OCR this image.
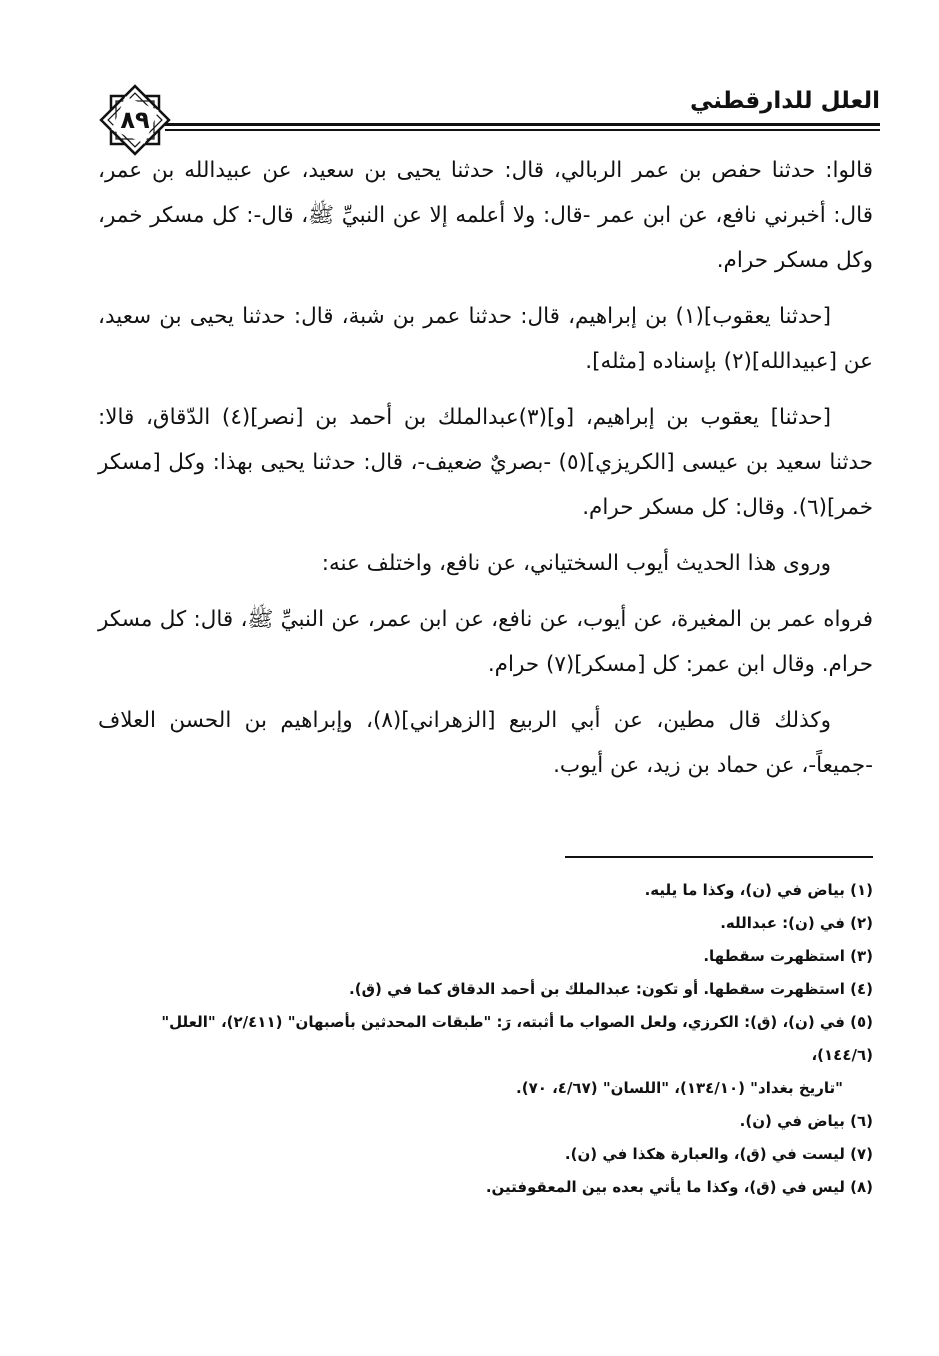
العلل للدارقطني
٨٩

قالوا: حدثنا حفص بن عمر الربالي، قال: حدثنا يحيى بن سعيد، عن عبيدالله بن عمر، قال: أخبرني نافع، عن ابن عمر -قال: ولا أعلمه إلا عن النبيِّ ﷺ، قال-: كل مسكر خمر، وكل مسكر حرام.

[حدثنا يعقوب](١) بن إبراهيم، قال: حدثنا عمر بن شبة، قال: حدثنا يحيى بن سعيد، عن [عبيدالله](٢) بإسناده [مثله].

[حدثنا] يعقوب بن إبراهيم، [و](٣)عبدالملك بن أحمد بن [نصر](٤) الدّقاق، قالا: حدثنا سعيد بن عيسى [الكريزي](٥) -بصريٌ ضعيف-، قال: حدثنا يحيى بهذا: وكل [مسكر خمر](٦). وقال: كل مسكر حرام.

وروى هذا الحديث أيوب السختياني، عن نافع، واختلف عنه:

فرواه عمر بن المغيرة، عن أيوب، عن نافع، عن ابن عمر، عن النبيِّ ﷺ، قال: كل مسكر حرام. وقال ابن عمر: كل [مسكر](٧) حرام.

وكذلك قال مطين، عن أبي الربيع [الزهراني](٨)، وإبراهيم بن الحسن العلاف -جميعاً-، عن حماد بن زيد، عن أيوب.

(١) بياض في (ن)، وكذا ما يليه.

(٢) في (ن): عبدالله.

(٣) استظهرت سقطها.

(٤) استظهرت سقطها. أو تكون: عبدالملك بن أحمد الدقاق كما في (ق).

(٥) في (ن)، (ق): الكرزي، ولعل الصواب ما أثبته، رَ: "طبقات المحدثين بأصبهان" (٢/٤١١)، "العلل" (١٤٤/٦)،

"تاريخ بغداد" (١٣٤/١٠)، "اللسان" (٤/٦٧، ٧٠).

(٦) بياض في (ن).

(٧) ليست في (ق)، والعبارة هكذا في (ن).

(٨) ليس في (ق)، وكذا ما يأتي بعده بين المعقوفتين.
